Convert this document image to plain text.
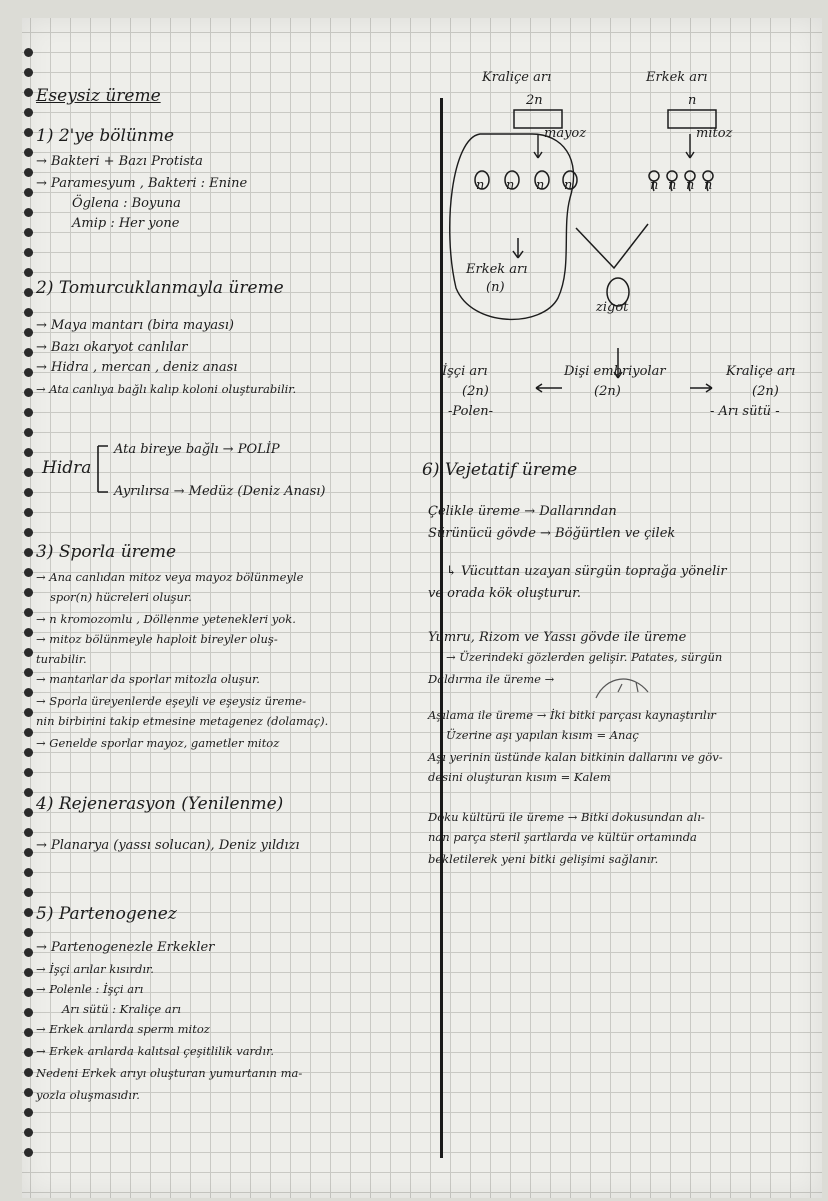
Eseysiz üreme
1) 2'ye bölünme
→ Bakteri + Bazı Protista
→ Paramesyum , Bakteri : Enine
Öglena : Boyuna
Amip : Her yone
2) Tomurcuklanmayla üreme
→ Maya mantarı (bira mayası)
→ Bazı okaryot canlılar
→ Hidra , mercan , deniz anası
→ Ata canlıya bağlı kalıp koloni oluşturabilir.
Hidra
Ata bireye bağlı → POLİP
Ayrılırsa → Medüz (Deniz Anası)
3) Sporla üreme
→ Ana canlıdan mitoz veya mayoz bölünmeyle
spor(n) hücreleri oluşur.
→ n kromozomlu , Döllenme yetenekleri yok.
→ mitoz bölünmeyle haploit bireyler oluş-
turabilir.
→ mantarlar da sporlar mitozla oluşur.
→ Sporla üreyenlerde eşeyli ve eşeysiz üreme-
nin birbirini takip etmesine metagenez (dolamaç).
→ Genelde sporlar mayoz, gametler mitoz
4) Rejenerasyon (Yenilenme)
→ Planarya (yassı solucan), Deniz yıldızı
5) Partenogenez
→ Partenogenezle Erkekler
→ İşçi arılar kısırdır.
→ Polenle : İşçi arı
Arı sütü : Kraliçe arı
→ Erkek arılarda sperm mitoz
→ Erkek arılarda kalıtsal çeşitlilik vardır.
Nedeni Erkek arıyı oluşturan yumurtanın ma-
yozla oluşmasıdır.
Kraliçe arı
2n
Erkek arı
n
mayoz	mitoz
n n n n	n n n n
Erkek arı
(n)
zigot
İşçi arı
(2n)
-Polen-
Dişi embriyolar
(2n)
Kraliçe arı
(2n)
- Arı sütü -
6) Vejetatif üreme
Çelikle üreme → Dallarından
Sürünücü gövde → Böğürtlen ve çilek
↳ Vücuttan uzayan sürgün toprağa yönelir
ve orada kök oluşturur.
Yumru, Rizom ve Yassı gövde ile üreme
→ Üzerindeki gözlerden gelişir. Patates, sürgün
Daldırma ile üreme →
Aşılama ile üreme → İki bitki parçası kaynaştırılır
Üzerine aşı yapılan kısım = Anaç
Aşı yerinin üstünde kalan bitkinin dallarını ve göv-
desini oluşturan kısım = Kalem
Doku kültürü ile üreme → Bitki dokusundan alı-
nan parça steril şartlarda ve kültür ortamında
bekletilerek yeni bitki gelişimi sağlanır.
